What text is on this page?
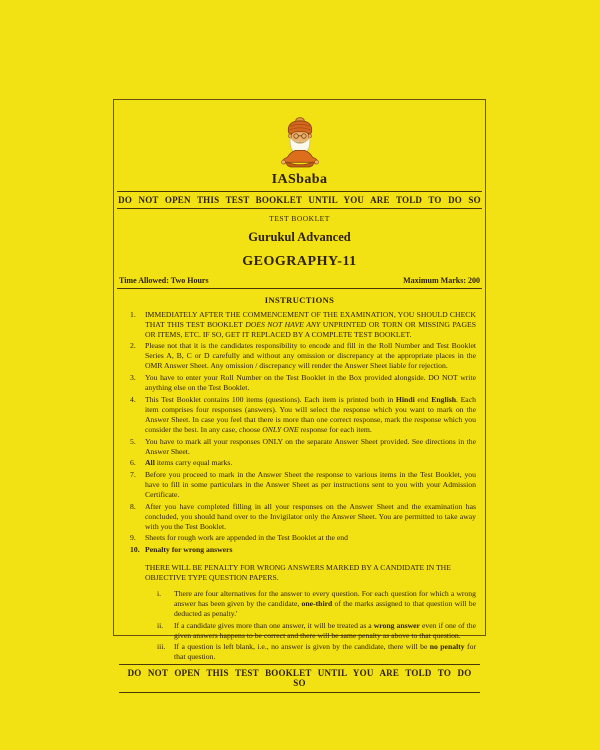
IASbaba
DO NOT OPEN THIS TEST BOOKLET UNTIL YOU ARE TOLD TO DO SO
TEST BOOKLET
Gurukul Advanced
GEOGRAPHY-11
Time Allowed: Two Hours	Maximum Marks: 200
INSTRUCTIONS
1.	IMMEDIATELY AFTER THE COMMENCEMENT OF THE EXAMINATION, YOU SHOULD CHECK THAT THIS TEST BOOKLET DOES NOT HAVE ANY UNPRINTED OR TORN OR MISSING PAGES OR ITEMS, ETC. IF SO, GET IT REPLACED BY A COMPLETE TEST BOOKLET.
2.	Please not that it is the candidates responsibility to encode and fill in the Roll Number and Test Booklet Series A, B, C or D carefully and without any omission or discrepancy at the appropriate places in the OMR Answer Sheet. Any omission / discrepancy will render the Answer Sheet liable for rejection.
3.	You have to enter your Roll Number on the Test Booklet in the Box provided alongside. DO NOT write anything else on the Test Booklet.
4.	This Test Booklet contains 100 items (questions). Each item is printed both in Hindi end English. Each item comprises four responses (answers). You will select the response which you want to mark on the Answer Sheet. In case you feel that there is more than one correct response, mark the response which you consider the best. In any case, choose ONLY ONE response for each item.
5.	You have to mark all your responses ONLY on the separate Answer Sheet provided. See directions in the Answer Sheet.
6.	All items carry equal marks.
7.	Before you proceed to mark in the Answer Sheet the response to various items in the Test Booklet, you have to fill in some particulars in the Answer Sheet as per instructions sent to you with your Admission Certificate.
8.	After you have completed filling in all your responses on the Answer Sheet and the examination has concluded, you should hand over to the Invigilator only the Answer Sheet. You are permitted to take away with you the Test Booklet.
9.	Sheets for rough work are appended in the Test Booklet at the end
10. Penalty for wrong answers
THERE WILL BE PENALTY FOR WRONG ANSWERS MARKED BY A CANDIDATE IN THE OBJECTIVE TYPE QUESTION PAPERS.
i.	There are four alternatives for the answer to every question. For each question for which a wrong answer has been given by the candidate, one-third of the marks assigned to that question will be deducted as penalty.'
ii.	If a candidate gives more than one answer, it will be treated as a wrong answer even if one of the given answers happens to be correct and there will be same penalty as above to that question.
iii.	If a question is left blank, i.e., no answer is given by the candidate, there will be no penalty for that question.
DO NOT OPEN THIS TEST BOOKLET UNTIL YOU ARE TOLD TO DO SO
